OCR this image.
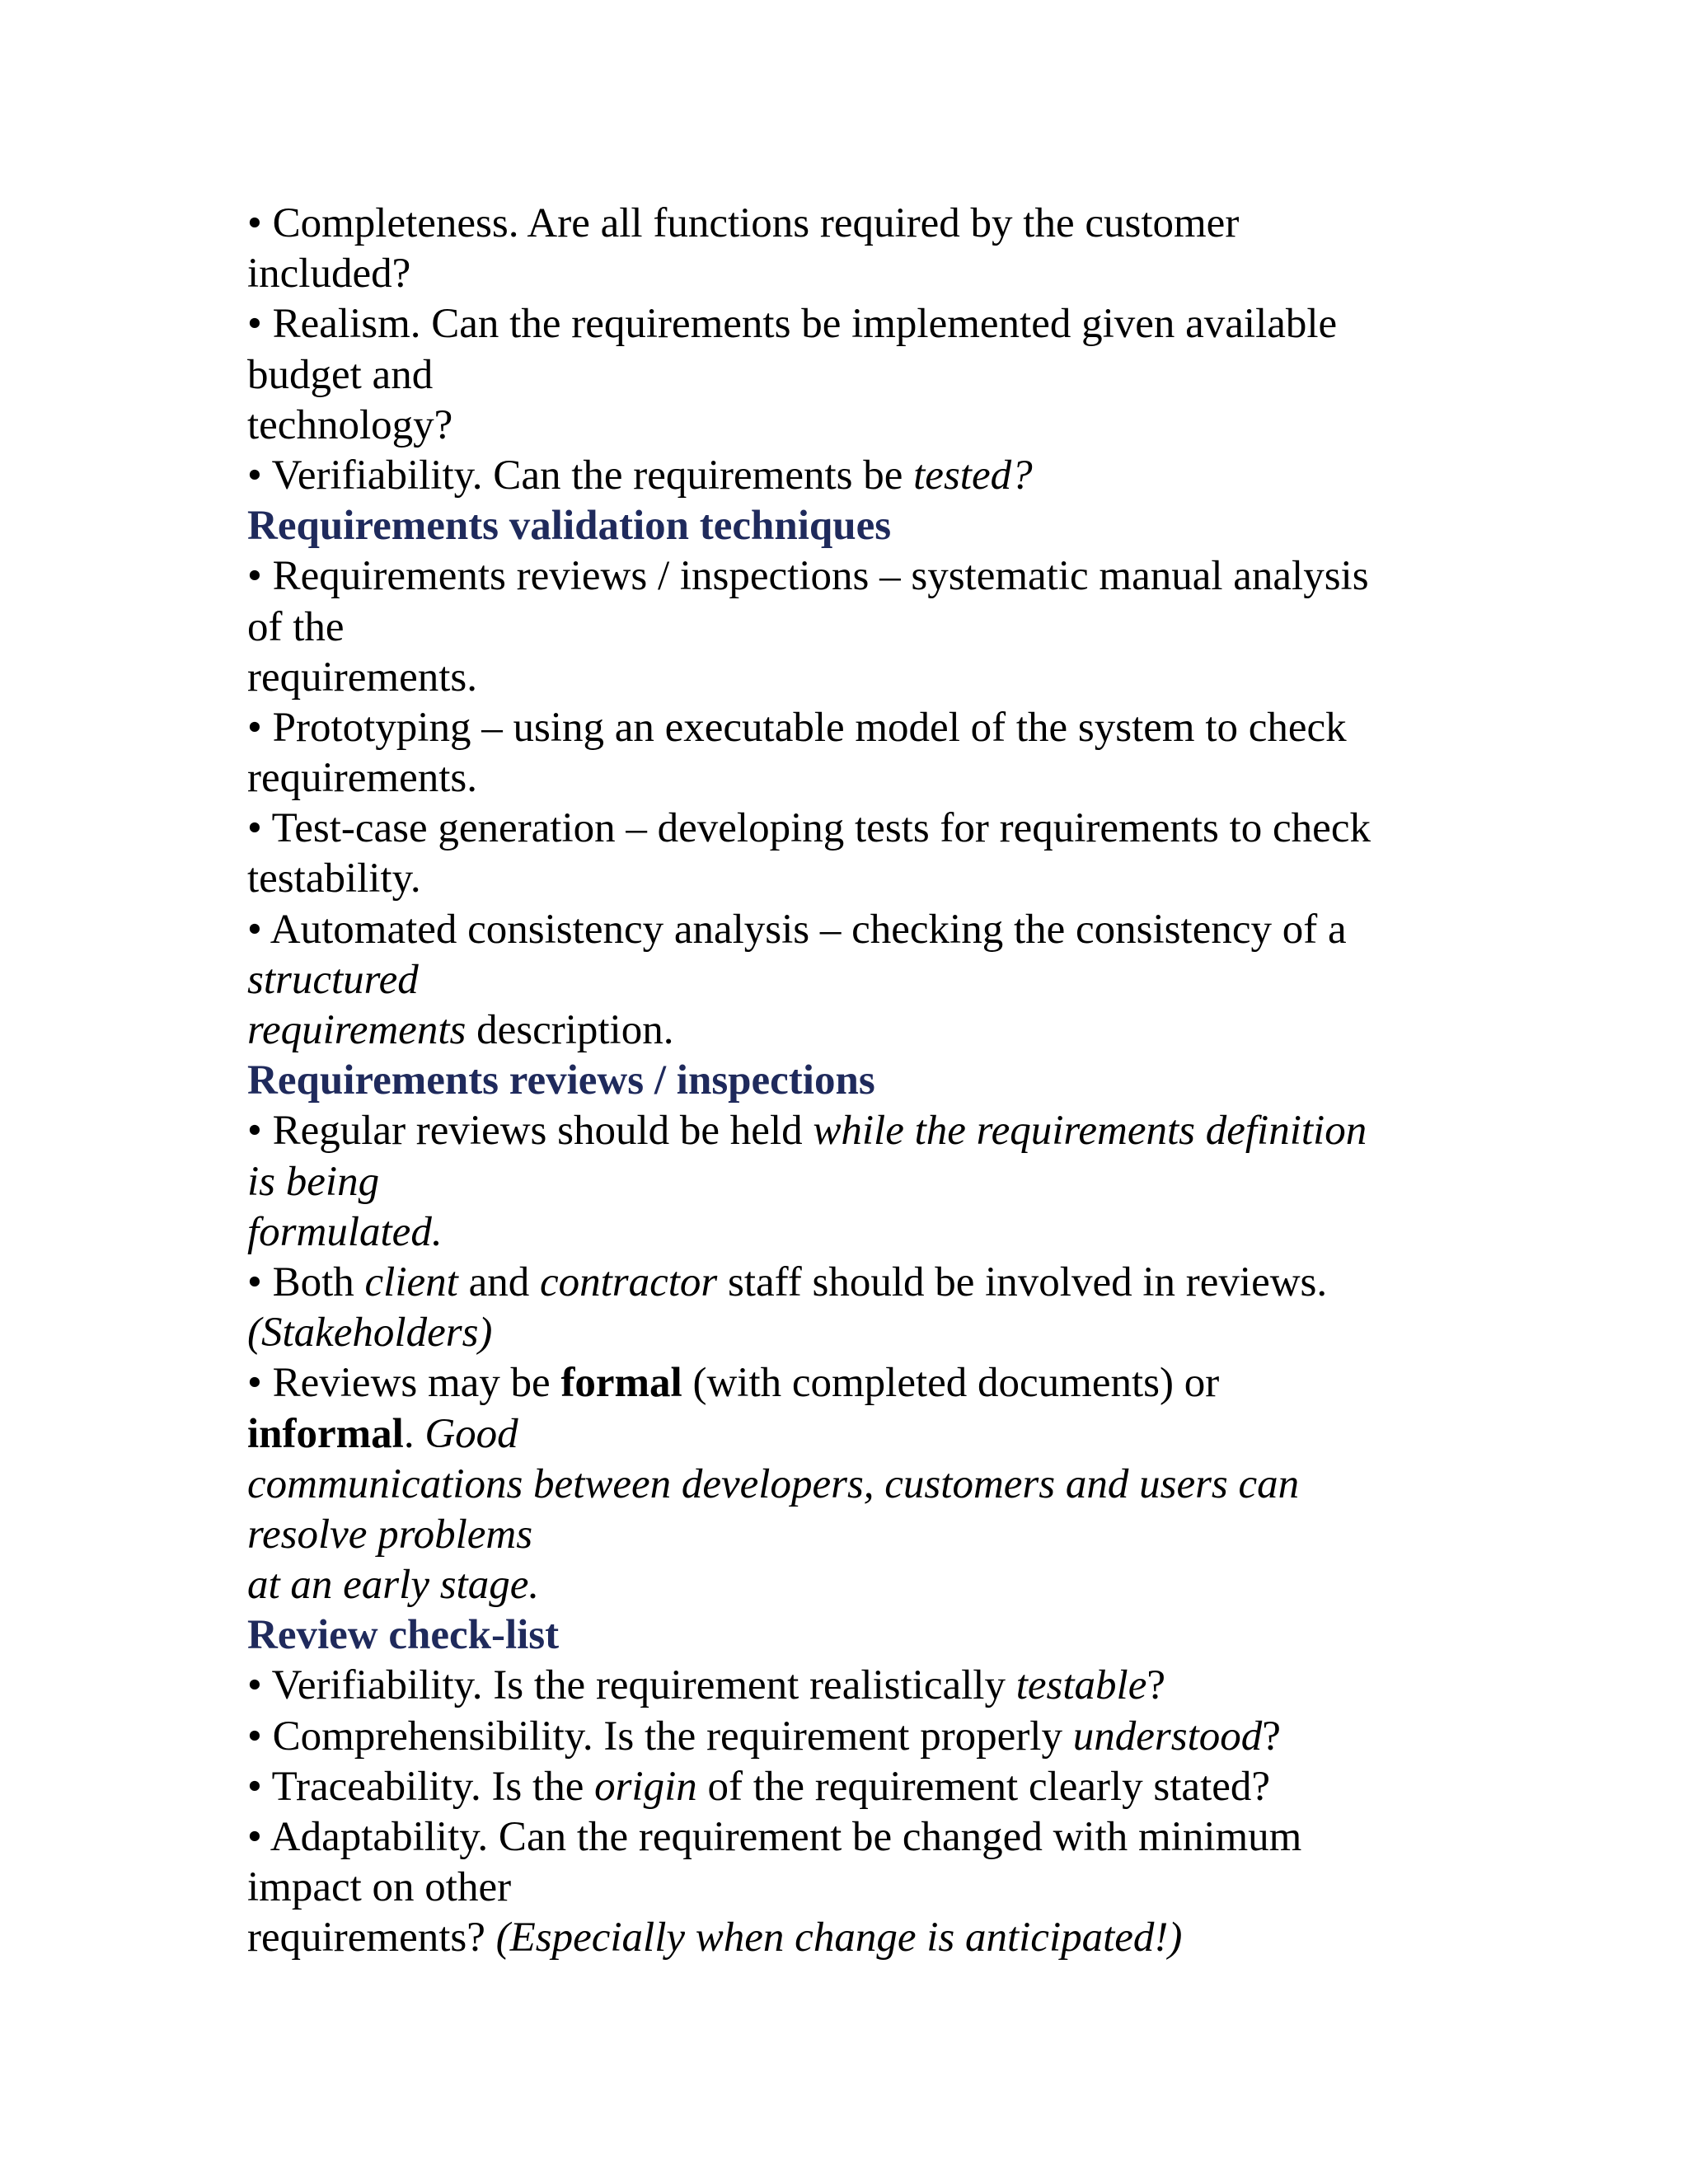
• Completeness. Are all functions required by the customer
included?
• Realism. Can the requirements be implemented given available
budget and
technology?
• Verifiability. Can the requirements be tested?
Requirements validation techniques
• Requirements reviews / inspections – systematic manual analysis
of the
requirements.
• Prototyping – using an executable model of the system to check
requirements.
• Test-case generation – developing tests for requirements to check
testability.
• Automated consistency analysis – checking the consistency of a
structured
requirements description.
Requirements reviews / inspections
• Regular reviews should be held while the requirements definition
is being
formulated.
• Both client and contractor staff should be involved in reviews.
(Stakeholders)
• Reviews may be formal (with completed documents) or
informal. Good
communications between developers, customers and users can
resolve problems
at an early stage.
Review check-list
• Verifiability. Is the requirement realistically testable?
• Comprehensibility. Is the requirement properly understood?
• Traceability. Is the origin of the requirement clearly stated?
• Adaptability. Can the requirement be changed with minimum
impact on other
requirements? (Especially when change is anticipated!)
